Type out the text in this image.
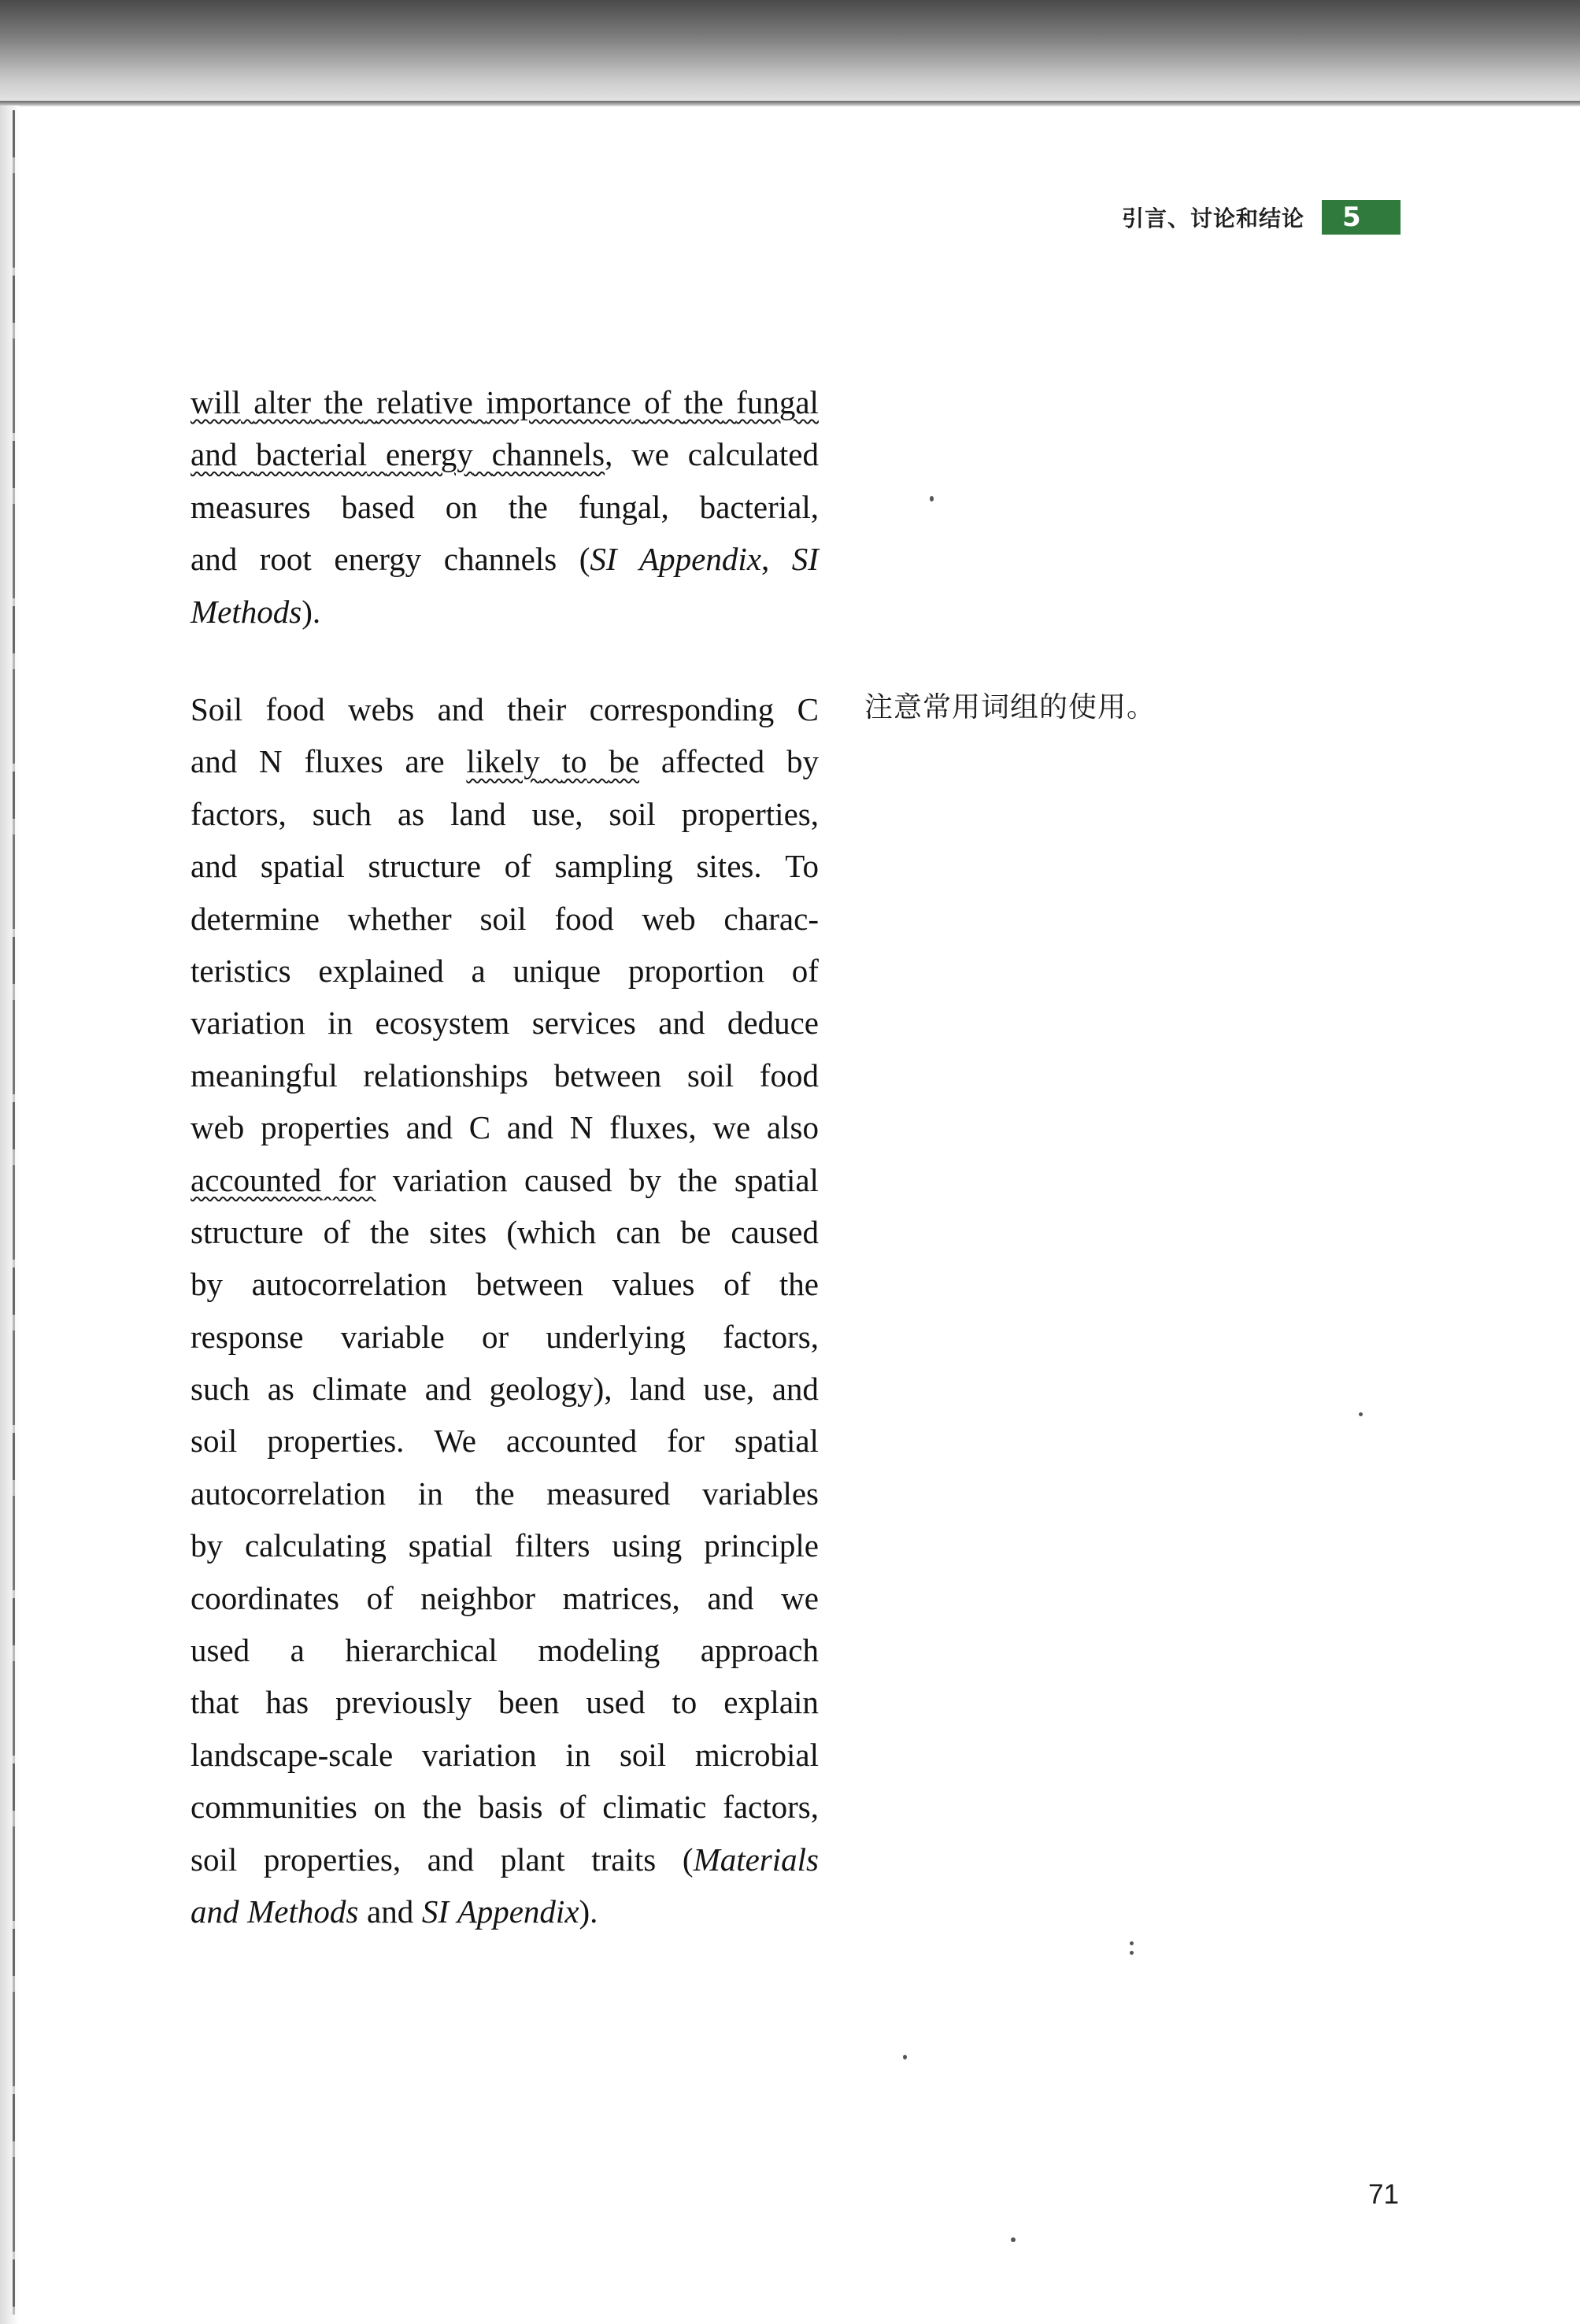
引言、讨论和结论	5
will alter the relative importance of the fungal

and bacterial energy channels, we calculated

measures based on the fungal, bacterial,
and root energy channels (SI Appendix, SI
Methods).
Soil food webs and their corresponding C
and N fluxes are likely to be affected by

factors, such as land use, soil properties,
and spatial structure of sampling sites. To
determine whether soil food web charac-
teristics explained a unique proportion of
variation in ecosystem services and deduce
meaningful relationships between soil food
web properties and C and N fluxes, we also
accounted for variation caused by the spatial

structure of the sites (which can be caused
by autocorrelation between values of the
response variable or underlying factors,
such as climate and geology), land use, and
soil properties. We accounted for spatial
autocorrelation in the measured variables
by calculating spatial filters using principle
coordinates of neighbor matrices, and we
used a hierarchical modeling approach
that has previously been used to explain
landscape-scale variation in soil microbial
communities on the basis of climatic factors,
soil properties, and plant traits (Materials
and Methods and SI Appendix).
注意常用词组的使用。
71
